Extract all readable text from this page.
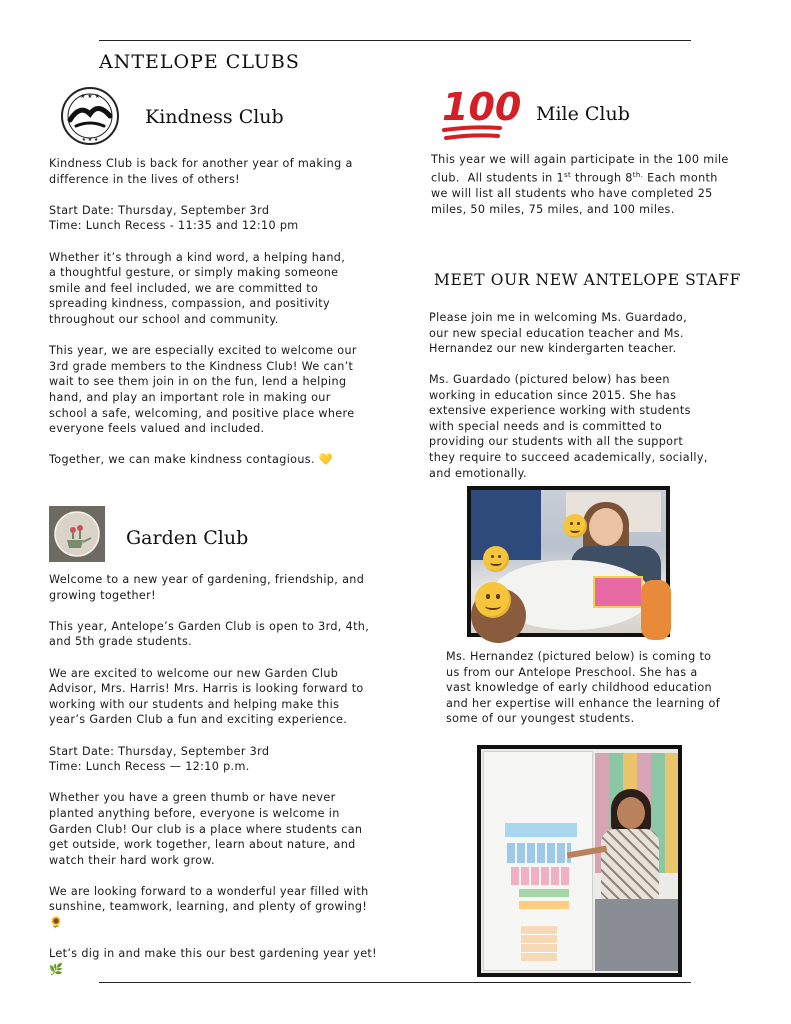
ANTELOPE CLUBS
★ ★ ★
★ ★ ★
Kindness Club

Kindness Club is back for another year of making a
difference in the lives of others!

Start Date: Thursday, September 3rd
Time: Lunch Recess - 11:35 and 12:10 pm

Whether it’s through a kind word, a helping hand,
a thoughtful gesture, or simply making someone
smile and feel included, we are committed to
spreading kindness, compassion, and positivity
throughout our school and community.

This year, we are especially excited to welcome our
3rd grade members to the Kindness Club! We can’t
wait to see them join in on the fun, lend a helping
hand, and play an important role in making our
school a safe, welcoming, and positive place where
everyone feels valued and included.

Together, we can make kindness contagious. 💛

Garden Club

Welcome to a new year of gardening, friendship, and
growing together!

This year, Antelope’s Garden Club is open to 3rd, 4th,
and 5th grade students.

We are excited to welcome our new Garden Club
Advisor, Mrs. Harris! Mrs. Harris is looking forward to
working with our students and helping make this
year’s Garden Club a fun and exciting experience.

Start Date: Thursday, September 3rd
Time: Lunch Recess — 12:10 p.m.

Whether you have a green thumb or have never
planted anything before, everyone is welcome in
Garden Club! Our club is a place where students can
get outside, work together, learn about nature, and
watch their hard work grow.

We are looking forward to a wonderful year filled with
sunshine, teamwork, learning, and plenty of growing!
🌻

Let’s dig in and make this our best gardening year yet!
🌿

100 Mile Club
This year we will again participate in the 100 mile
club.  All students in 1st through $8^{th.}$ Each month
we will list all students who have completed 25
miles, 50 miles, 75 miles, and 100 miles.
MEET OUR NEW ANTELOPE STAFF
Please join me in welcoming Ms. Guardado,
our new special education teacher and Ms.
Hernandez our new kindergarten teacher.
Ms. Guardado (pictured below) has been
working in education since 2015. She has
extensive experience working with students
with special needs and is committed to
providing our students with all the support
they require to succeed academically, socially,
and emotionally.
Ms. Hernandez (pictured below) is coming to
us from our Antelope Preschool. She has a
vast knowledge of early childhood education
and her expertise will enhance the learning of
some of our youngest students.
